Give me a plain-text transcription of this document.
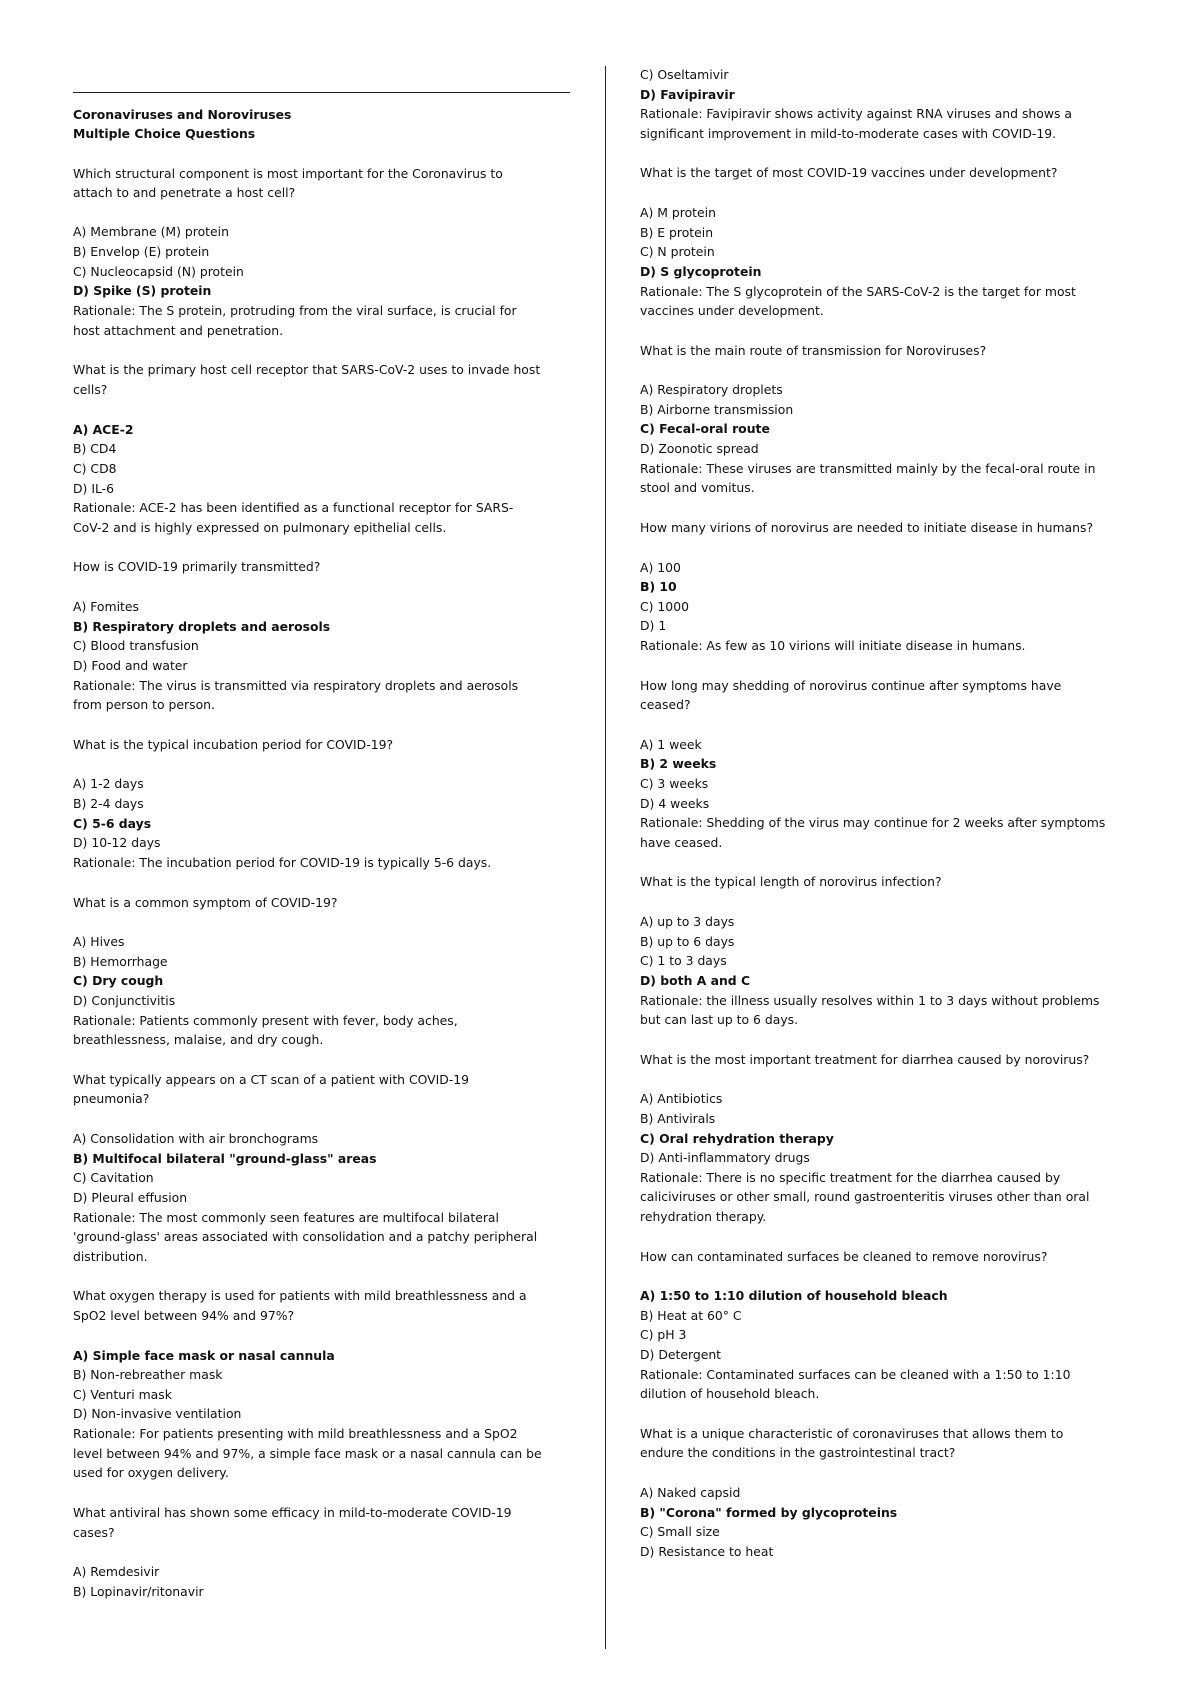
Coronaviruses and Noroviruses
Multiple Choice Questions
Which structural component is most important for the Coronavirus to
attach to and penetrate a host cell?
A) Membrane (M) protein
B) Envelop (E) protein
C) Nucleocapsid (N) protein
D) Spike (S) protein
Rationale: The S protein, protruding from the viral surface, is crucial for
host attachment and penetration.
What is the primary host cell receptor that SARS-CoV-2 uses to invade host
cells?
A) ACE-2
B) CD4
C) CD8
D) IL-6
Rationale: ACE-2 has been identified as a functional receptor for SARS-
CoV-2 and is highly expressed on pulmonary epithelial cells.
How is COVID-19 primarily transmitted?
A) Fomites
B) Respiratory droplets and aerosols
C) Blood transfusion
D) Food and water
Rationale: The virus is transmitted via respiratory droplets and aerosols
from person to person.
What is the typical incubation period for COVID-19?
A) 1-2 days
B) 2-4 days
C) 5-6 days
D) 10-12 days
Rationale: The incubation period for COVID-19 is typically 5-6 days.
What is a common symptom of COVID-19?
A) Hives
B) Hemorrhage
C) Dry cough
D) Conjunctivitis
Rationale: Patients commonly present with fever, body aches,
breathlessness, malaise, and dry cough.
What typically appears on a CT scan of a patient with COVID-19
pneumonia?
A) Consolidation with air bronchograms
B) Multifocal bilateral "ground-glass" areas
C) Cavitation
D) Pleural effusion
Rationale: The most commonly seen features are multifocal bilateral
'ground-glass' areas associated with consolidation and a patchy peripheral
distribution.
What oxygen therapy is used for patients with mild breathlessness and a
SpO2 level between 94% and 97%?
A) Simple face mask or nasal cannula
B) Non-rebreather mask
C) Venturi mask
D) Non-invasive ventilation
Rationale: For patients presenting with mild breathlessness and a SpO2
level between 94% and 97%, a simple face mask or a nasal cannula can be
used for oxygen delivery.
What antiviral has shown some efficacy in mild-to-moderate COVID-19
cases?
A) Remdesivir
B) Lopinavir/ritonavir
C) Oseltamivir
D) Favipiravir
Rationale: Favipiravir shows activity against RNA viruses and shows a
significant improvement in mild-to-moderate cases with COVID-19.
What is the target of most COVID-19 vaccines under development?
A) M protein
B) E protein
C) N protein
D) S glycoprotein
Rationale: The S glycoprotein of the SARS-CoV-2 is the target for most
vaccines under development.
What is the main route of transmission for Noroviruses?
A) Respiratory droplets
B) Airborne transmission
C) Fecal-oral route
D) Zoonotic spread
Rationale: These viruses are transmitted mainly by the fecal-oral route in
stool and vomitus.
How many virions of norovirus are needed to initiate disease in humans?
A) 100
B) 10
C) 1000
D) 1
Rationale: As few as 10 virions will initiate disease in humans.
How long may shedding of norovirus continue after symptoms have
ceased?
A) 1 week
B) 2 weeks
C) 3 weeks
D) 4 weeks
Rationale: Shedding of the virus may continue for 2 weeks after symptoms
have ceased.
What is the typical length of norovirus infection?
A) up to 3 days
B) up to 6 days
C) 1 to 3 days
D) both A and C
Rationale: the illness usually resolves within 1 to 3 days without problems
but can last up to 6 days.
What is the most important treatment for diarrhea caused by norovirus?
A) Antibiotics
B) Antivirals
C) Oral rehydration therapy
D) Anti-inflammatory drugs
Rationale: There is no specific treatment for the diarrhea caused by
caliciviruses or other small, round gastroenteritis viruses other than oral
rehydration therapy.
How can contaminated surfaces be cleaned to remove norovirus?
A) 1:50 to 1:10 dilution of household bleach
B) Heat at 60° C
C) pH 3
D) Detergent
Rationale: Contaminated surfaces can be cleaned with a 1:50 to 1:10
dilution of household bleach.
What is a unique characteristic of coronaviruses that allows them to
endure the conditions in the gastrointestinal tract?
A) Naked capsid
B) "Corona" formed by glycoproteins
C) Small size
D) Resistance to heat
